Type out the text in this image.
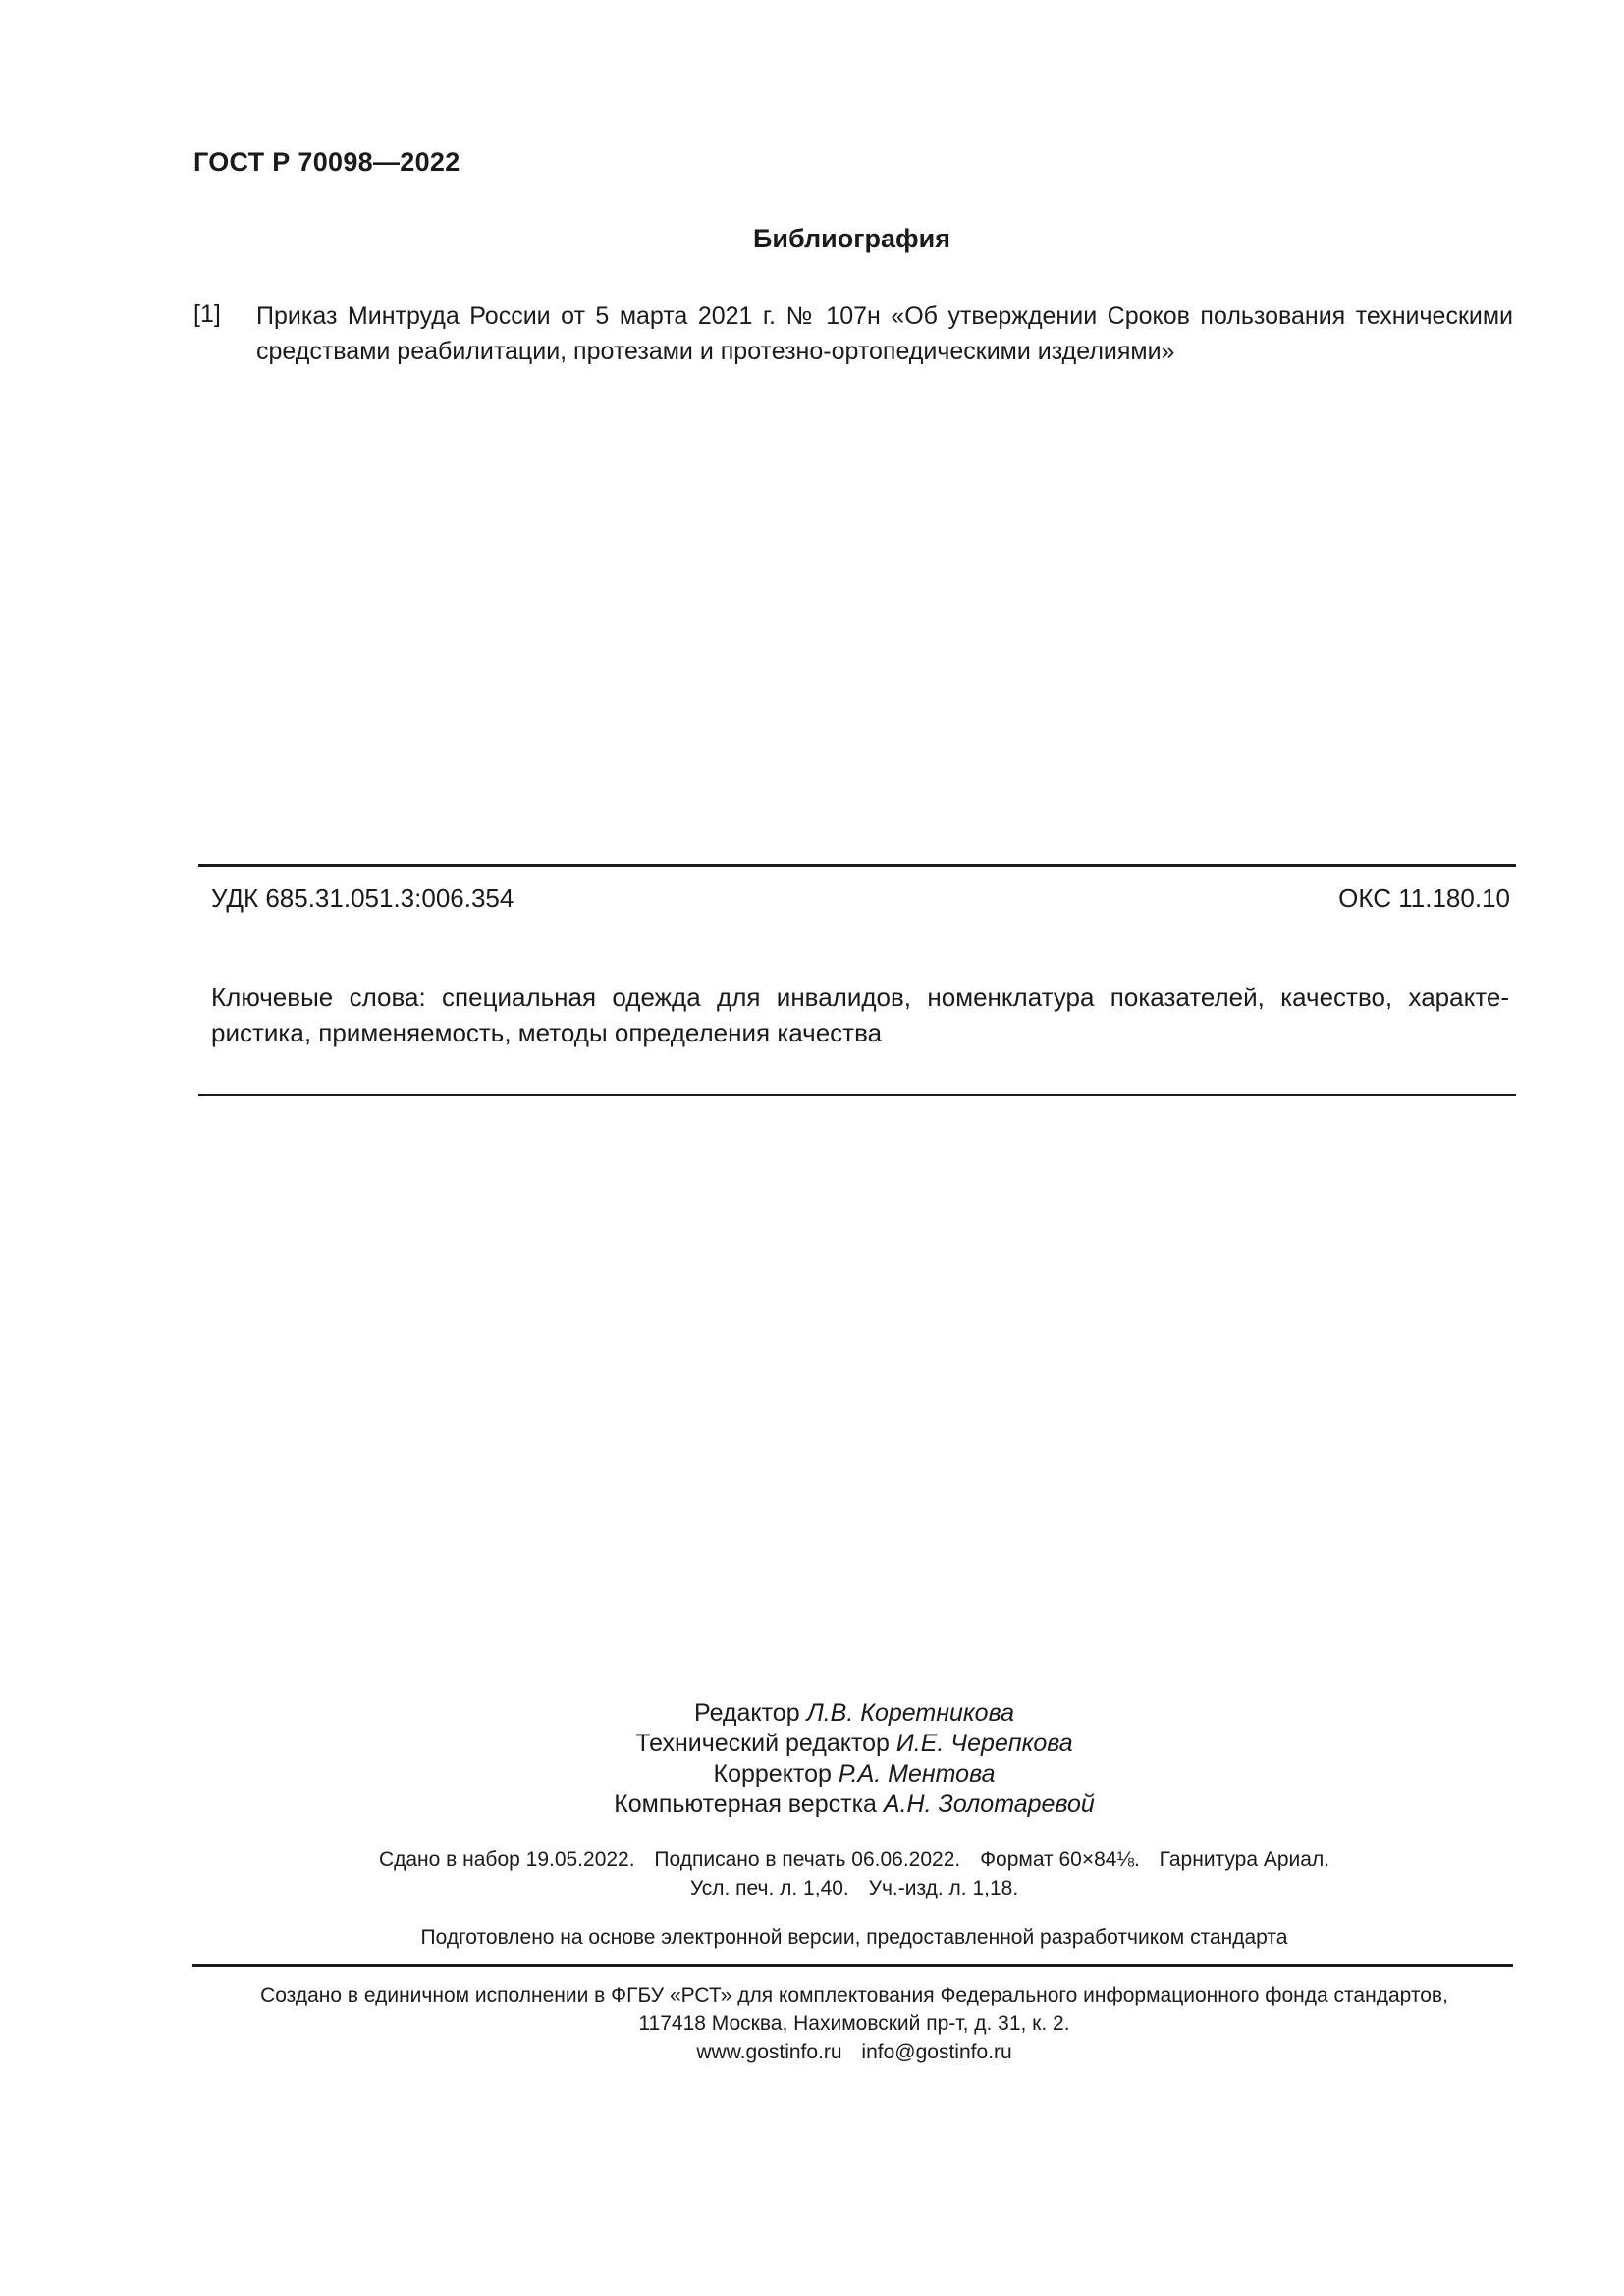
ГОСТ Р 70098—2022
Библиография
[1] Приказ Минтруда России от 5 марта 2021 г. № 107н «Об утверждении Сроков пользования техническими средствами реабилитации, протезами и протезно-ортопедическими изделиями»
УДК 685.31.051.3:006.354	ОКС 11.180.10
Ключевые слова: специальная одежда для инвалидов, номенклатура показателей, качество, характе- ристика, применяемость, методы определения качества
Редактор Л.В. Коретникова
Технический редактор И.Е. Черепкова
Корректор Р.А. Ментова
Компьютерная верстка А.Н. Золотаревой
Сдано в набор 19.05.2022. Подписано в печать 06.06.2022. Формат 60×84⅛. Гарнитура Ариал.
Усл. печ. л. 1,40. Уч.-изд. л. 1,18.
Подготовлено на основе электронной версии, предоставленной разработчиком стандарта
Создано в единичном исполнении в ФГБУ «РСТ» для комплектования Федерального информационного фонда стандартов,
117418 Москва, Нахимовский пр-т, д. 31, к. 2.
www.gostinfo.ru info@gostinfo.ru
